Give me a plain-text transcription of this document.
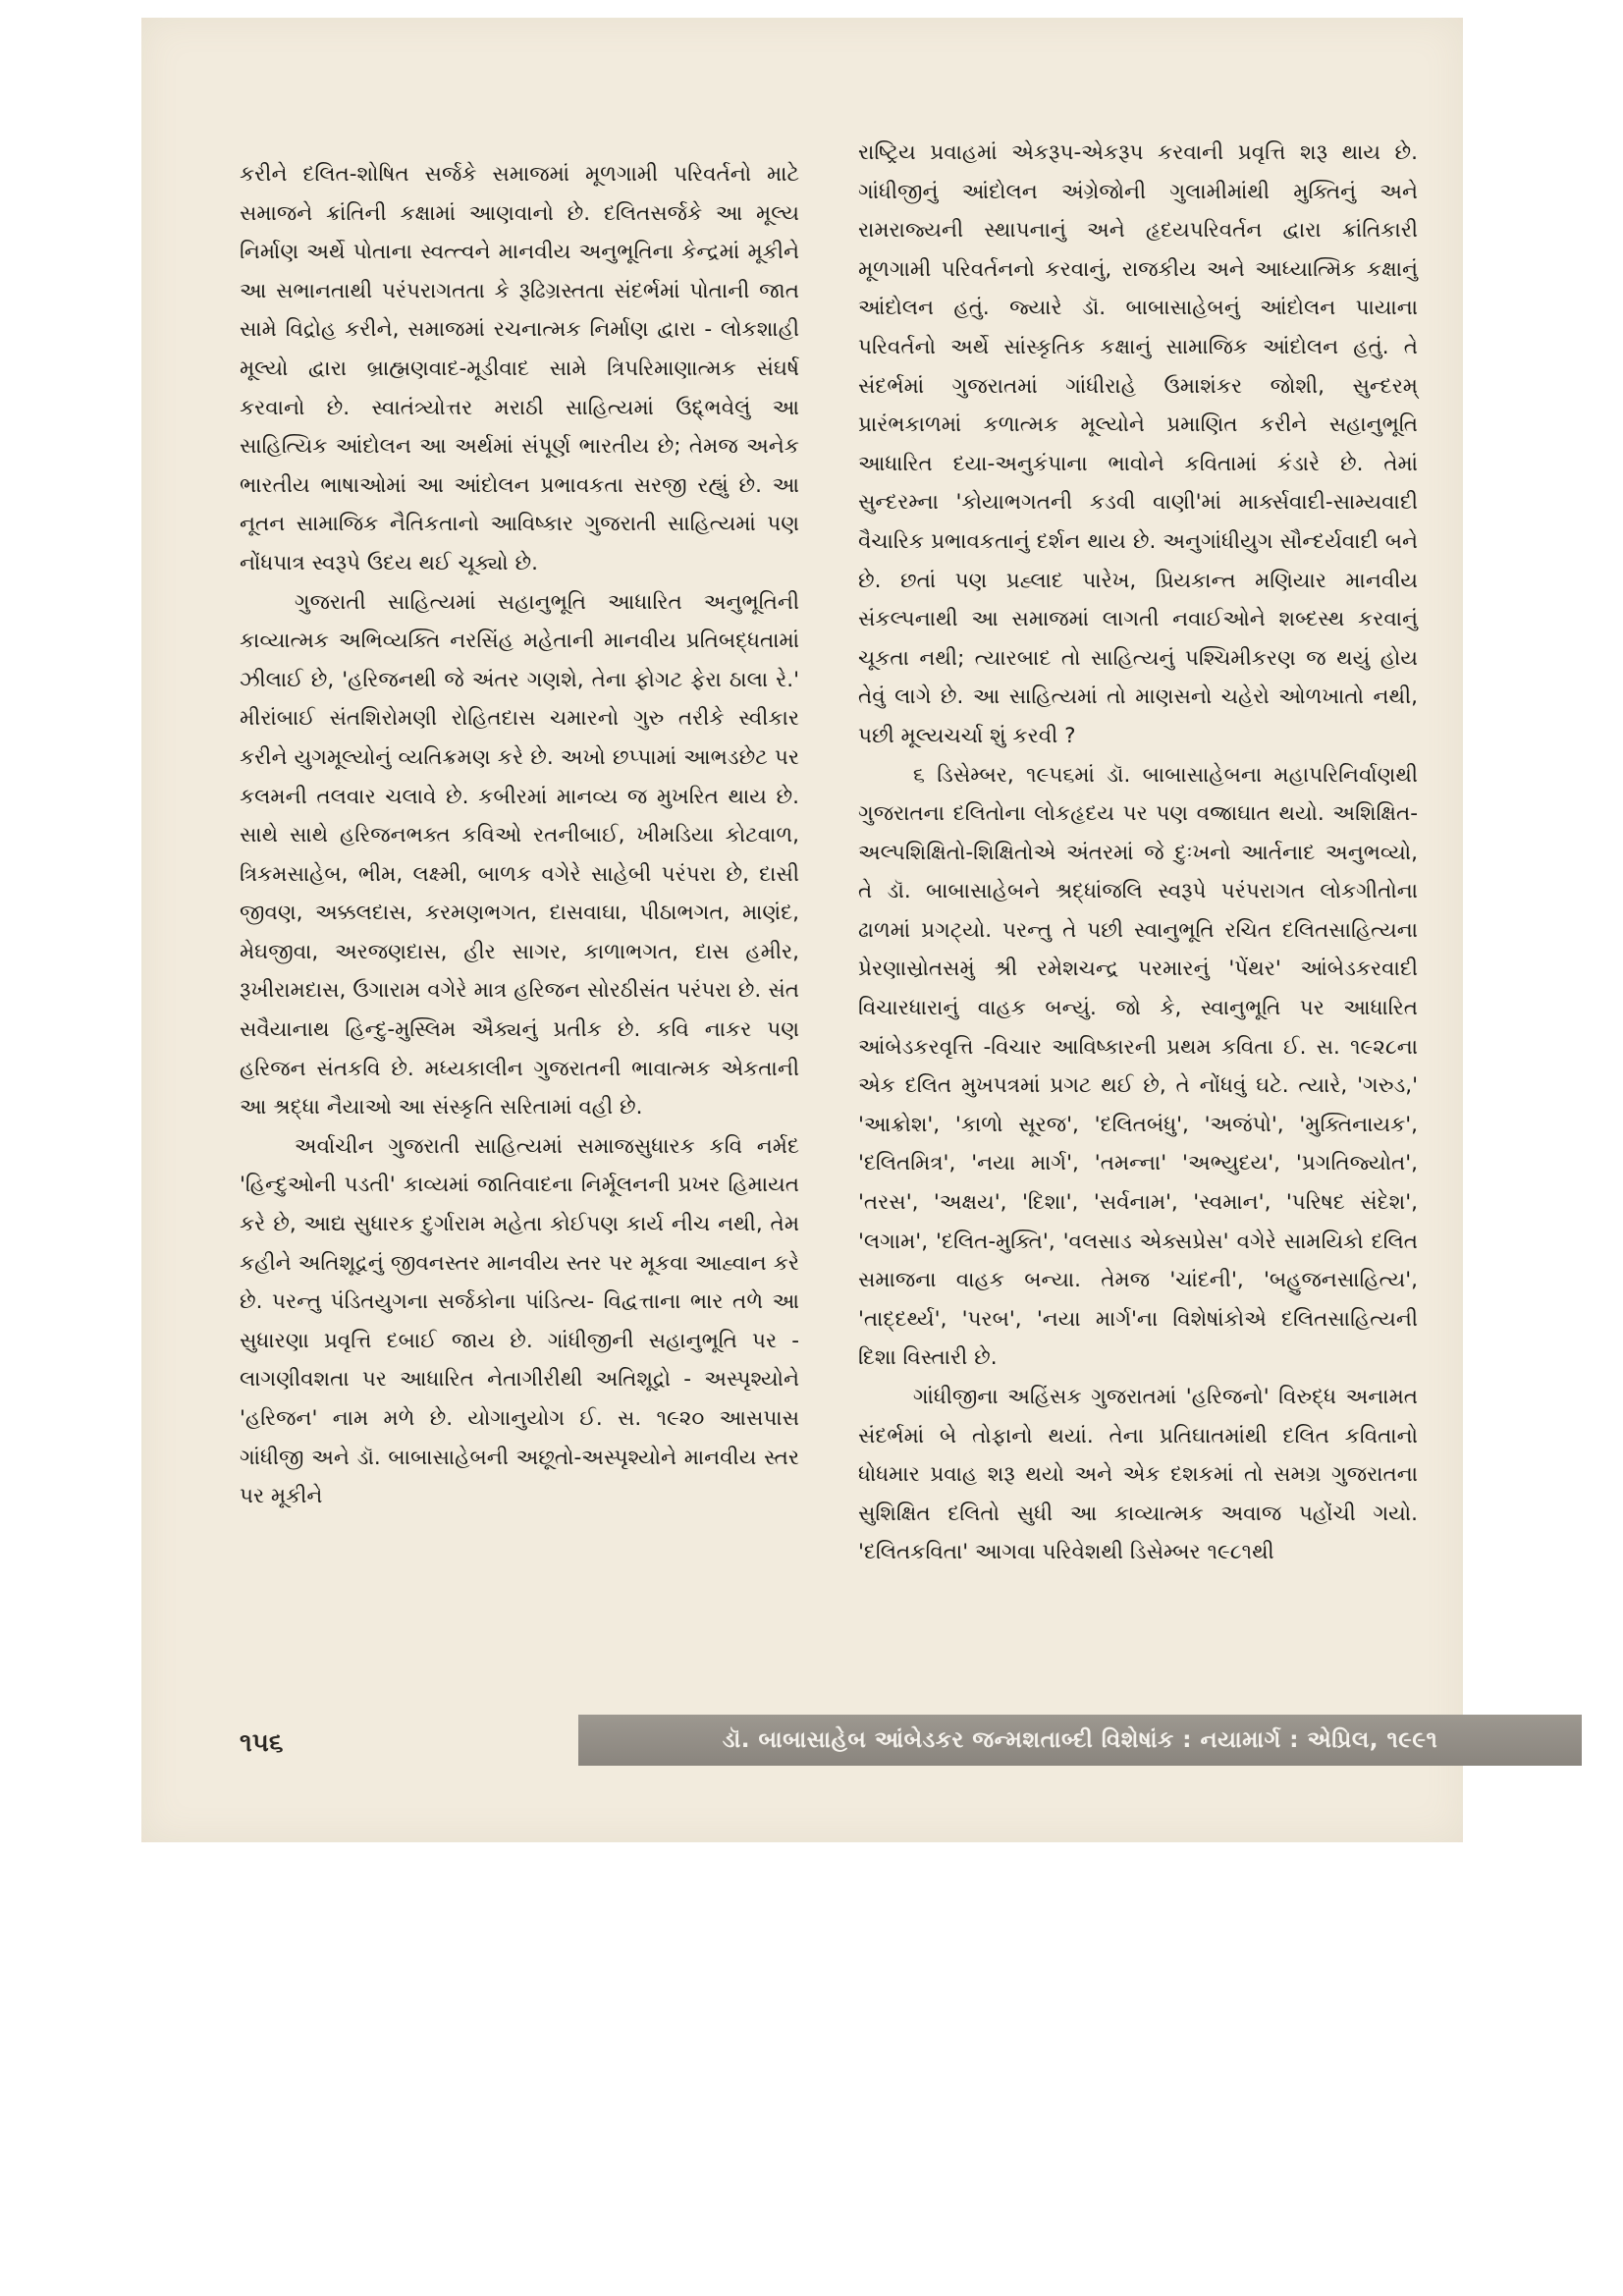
કરીને દલિત-શોષિત સર્જકે સમાજમાં મૂળગામી પરિવર્તનો માટે સમાજને ક્રાંતિની કક્ષામાં આણવાનો છે. દલિતસર્જકે આ મૂલ્ય નિર્માણ અર્થે પોતાના સ્વત્ત્વને માનવીય અનુભૂતિના કેન્દ્રમાં મૂકીને આ સભાનતાથી પરંપરાગતતા કે રૂઢિગ્રસ્તતા સંદર્ભમાં પોતાની જાત સામે વિદ્રોહ કરીને, સમાજમાં રચનાત્મક નિર્માણ દ્વારા - લોકશાહી મૂલ્યો દ્વારા બ્રાહ્મણવાદ-મૂડીવાદ સામે ત્રિપરિમાણાત્મક સંઘર્ષ કરવાનો છે. સ્વાતંત્ર્યોત્તર મરાઠી સાહિત્યમાં ઉદ્દ્ભવેલું આ સાહિત્યિક આંદોલન આ અર્થમાં સંપૂર્ણ ભારતીય છે; તેમજ અનેક ભારતીય ભાષાઓમાં આ આંદોલન પ્રભાવકતા સરજી રહ્યું છે. આ નૂતન સામાજિક નૈતિકતાનો આવિષ્કાર ગુજરાતી સાહિત્યમાં પણ નોંધપાત્ર સ્વરૂપે ઉદય થઈ ચૂક્યો છે.

ગુજરાતી સાહિત્યમાં સહાનુભૂતિ આધારિત અનુભૂતિની કાવ્યાત્મક અભિવ્યક્તિ નરસિંહ મહેતાની માનવીય પ્રતિબદ્ધતામાં ઝીલાઈ છે, 'હરિજનથી જે અંતર ગણશે, તેના ફોગટ ફેરા ઠાલા રે.' મીરાંબાઈ સંતશિરોમણી રોહિતદાસ ચમારનો ગુરુ તરીકે સ્વીકાર કરીને યુગમૂલ્યોનું વ્યતિક્રમણ કરે છે. અખો છપ્પામાં આભડછેટ પર કલમની તલવાર ચલાવે છે. કબીરમાં માનવ્ય જ મુખરિત થાય છે. સાથે સાથે હરિજનભક્ત કવિઓ રતનીબાઈ, ખીમડિયા કોટવાળ, ત્રિકમસાહેબ, ભીમ, લક્ષ્મી, બાળક વગેરે સાહેબી પરંપરા છે, દાસી જીવણ, અક્કલદાસ, કરમણભગત, દાસવાઘા, પીઠાભગત, માણંદ, મેઘજીવા, અરજણદાસ, હીર સાગર, કાળાભગત, દાસ હમીર, રૂખીરામદાસ, ઉગારામ વગેરે માત્ર હરિજન સોરઠીસંત પરંપરા છે. સંત સવૈયાનાથ હિન્દુ-મુસ્લિમ ઐક્યનું પ્રતીક છે. કવિ નાકર પણ હરિજન સંતકવિ છે. મધ્યકાલીન ગુજરાતની ભાવાત્મક એકતાની આ શ્રદ્ધા નૈયાઓ આ સંસ્કૃતિ સરિતામાં વહી છે.

અર્વાચીન ગુજરાતી સાહિત્યમાં સમાજસુધારક કવિ નર્મદ 'હિન્દુઓની પડતી' કાવ્યમાં જાતિવાદના નિર્મૂલનની પ્રખર હિમાયત કરે છે, આદ્ય સુધારક દુર્ગારામ મહેતા કોઈપણ કાર્ય નીચ નથી, તેમ કહીને અતિશૂદ્રનું જીવનસ્તર માનવીય સ્તર પર મૂકવા આહ્વાન કરે છે. પરન્તુ પંડિતયુગના સર્જકોના પાંડિત્ય- વિદ્વત્તાના ભાર તળે આ સુધારણા પ્રવૃત્તિ દબાઈ જાય છે. ગાંધીજીની સહાનુભૂતિ પર - લાગણીવશતા પર આધારિત નેતાગીરીથી અતિશૂદ્રો - અસ્પૃશ્યોને 'હરિજન' નામ મળે છે. યોગાનુયોગ ઈ. સ. ૧૯૨૦ આસપાસ ગાંધીજી અને ડૉ. બાબાસાહેબની અછૂતો-અસ્પૃશ્યોને માનવીય સ્તર પર મૂકીને

રાષ્ટ્રિય પ્રવાહમાં એકરૂપ-એકરૂપ કરવાની પ્રવૃત્તિ શરૂ થાય છે. ગાંધીજીનું આંદોલન અંગ્રેજોની ગુલામીમાંથી મુક્તિનું અને રામરાજ્યની સ્થાપનાનું અને હૃદયપરિવર્તન દ્વારા ક્રાંતિકારી મૂળગામી પરિવર્તનનો કરવાનું, રાજકીય અને આધ્યાત્મિક કક્ષાનું આંદોલન હતું. જ્યારે ડૉ. બાબાસાહેબનું આંદોલન પાયાના પરિવર્તનો અર્થે સાંસ્કૃતિક કક્ષાનું સામાજિક આંદોલન હતું. તે સંદર્ભમાં ગુજરાતમાં ગાંધીરાહે ઉમાશંકર જોશી, સુન્દરમ્ પ્રારંભકાળમાં કળાત્મક મૂલ્યોને પ્રમાણિત કરીને સહાનુભૂતિ આધારિત દયા-અનુકંપાના ભાવોને કવિતામાં કંડારે છે. તેમાં સુન્દરમ્ના 'કોયાભગતની કડવી વાણી'માં માર્ક્સવાદી-સામ્યવાદી વૈચારિક પ્રભાવકતાનું દર્શન થાય છે. અનુગાંધીયુગ સૌન્દર્યવાદી બને છે. છતાં પણ પ્રહ્લાદ પારેખ, પ્રિયકાન્ત મણિયાર માનવીય સંકલ્પનાથી આ સમાજમાં લાગતી નવાઈઓને શબ્દસ્થ કરવાનું ચૂકતા નથી; ત્યારબાદ તો સાહિત્યનું પશ્ચિમીકરણ જ થયું હોય તેવું લાગે છે. આ સાહિત્યમાં તો માણસનો ચહેરો ઓળખાતો નથી, પછી મૂલ્યચર્ચા શું કરવી ?

૬ ડિસેમ્બર, ૧૯૫૬માં ડૉ. બાબાસાહેબના મહાપરિનિર્વાણથી ગુજરાતના દલિતોના લોકહૃદય પર પણ વજ્રાઘાત થયો. અશિક્ષિત-અલ્પશિક્ષિતો-શિક્ષિતોએ અંતરમાં જે દુઃખનો આર્તનાદ અનુભવ્યો, તે ડૉ. બાબાસાહેબને શ્રદ્ધાંજલિ સ્વરૂપે પરંપરાગત લોકગીતોના ઢાળમાં પ્રગટ્યો. પરન્તુ તે પછી સ્વાનુભૂતિ રચિત દલિતસાહિત્યના પ્રેરણાસ્રોતસમું શ્રી રમેશચન્દ્ર પરમારનું 'પેંથર' આંબેડકરવાદી વિચારધારાનું વાહક બન્યું. જો કે, સ્વાનુભૂતિ પર આધારિત આંબેડકરવૃત્તિ -વિચાર આવિષ્કારની પ્રથમ કવિતા ઈ. સ. ૧૯૨૮ના એક દલિત મુખપત્રમાં પ્રગટ થઈ છે, તે નોંધવું ઘટે. ત્યારે, 'ગરુડ,' 'આક્રોશ', 'કાળો સૂરજ', 'દલિતબંધુ', 'અજંપો', 'મુક્તિનાયક', 'દલિતમિત્ર', 'નયા માર્ગ', 'તમન્ના' 'અભ્યુદય', 'પ્રગતિજ્યોત', 'તરસ', 'અક્ષય', 'દિશા', 'સર્વનામ', 'સ્વમાન', 'પરિષદ સંદેશ', 'લગામ', 'દલિત-મુક્તિ', 'વલસાડ એક્સપ્રેસ' વગેરે સામયિકો દલિત સમાજના વાહક બન્યા. તેમજ 'ચાંદની', 'બહુજનસાહિત્ય', 'તાદ્દર્થ્ય', 'પરબ', 'નયા માર્ગ'ના વિશેષાંકોએ દલિતસાહિત્યની દિશા વિસ્તારી છે.

ગાંધીજીના અહિંસક ગુજરાતમાં 'હરિજનો' વિરુદ્ધ અનામત સંદર્ભમાં બે તોફાનો થયાં. તેના પ્રતિઘાતમાંથી દલિત કવિતાનો ધોધમાર પ્રવાહ શરૂ થયો અને એક દશકમાં તો સમગ્ર ગુજરાતના સુશિક્ષિત દલિતો સુધી આ કાવ્યાત્મક અવાજ પહોંચી ગયો. 'દલિતકવિતા' આગવા પરિવેશથી ડિસેમ્બર ૧૯૮૧થી

૧૫૬	ડૉ. બાબાસાહેબ આંબેડકર જન્મશતાબ્દી વિશેષાંક : નયામાર્ગ : એપ્રિલ, ૧૯૯૧
